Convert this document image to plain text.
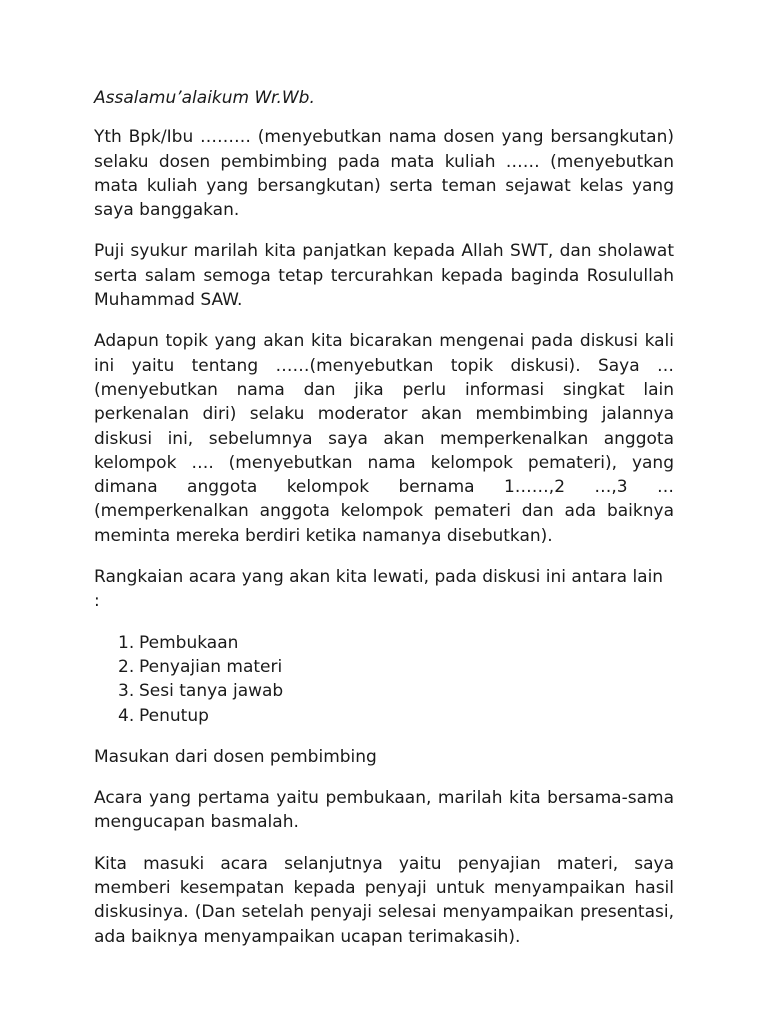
Assalamu’alaikum Wr.Wb.

Yth Bpk/Ibu ……… (menyebutkan nama dosen yang bersangkutan) selaku dosen pembimbing pada mata kuliah …… (menyebutkan mata kuliah yang bersangkutan) serta teman sejawat kelas yang saya banggakan.

Puji syukur marilah kita panjatkan kepada Allah SWT, dan sholawat serta salam semoga tetap tercurahkan kepada baginda Rosulullah Muhammad SAW.

Adapun topik yang akan kita bicarakan mengenai pada diskusi kali ini yaitu tentang ……(menyebutkan topik diskusi). Saya … (menyebutkan nama dan jika perlu informasi singkat lain perkenalan diri) selaku moderator akan membimbing jalannya diskusi ini, sebelumnya saya akan memperkenalkan anggota kelompok …. (menyebutkan nama kelompok pemateri), yang dimana anggota kelompok bernama 1……,2 …,3 … (memperkenalkan anggota kelompok pemateri dan ada baiknya meminta mereka berdiri ketika namanya disebutkan).

Rangkaian acara yang akan kita lewati, pada diskusi ini antara lain :

1. Pembukaan
2. Penyajian materi
3. Sesi tanya jawab
4. Penutup

Masukan dari dosen pembimbing

Acara yang pertama yaitu pembukaan, marilah kita bersama-sama mengucapan basmalah.

Kita masuki acara selanjutnya yaitu penyajian materi, saya memberi kesempatan kepada penyaji untuk menyampaikan hasil diskusinya. (Dan setelah penyaji selesai menyampaikan presentasi, ada baiknya menyampaikan ucapan terimakasih).
